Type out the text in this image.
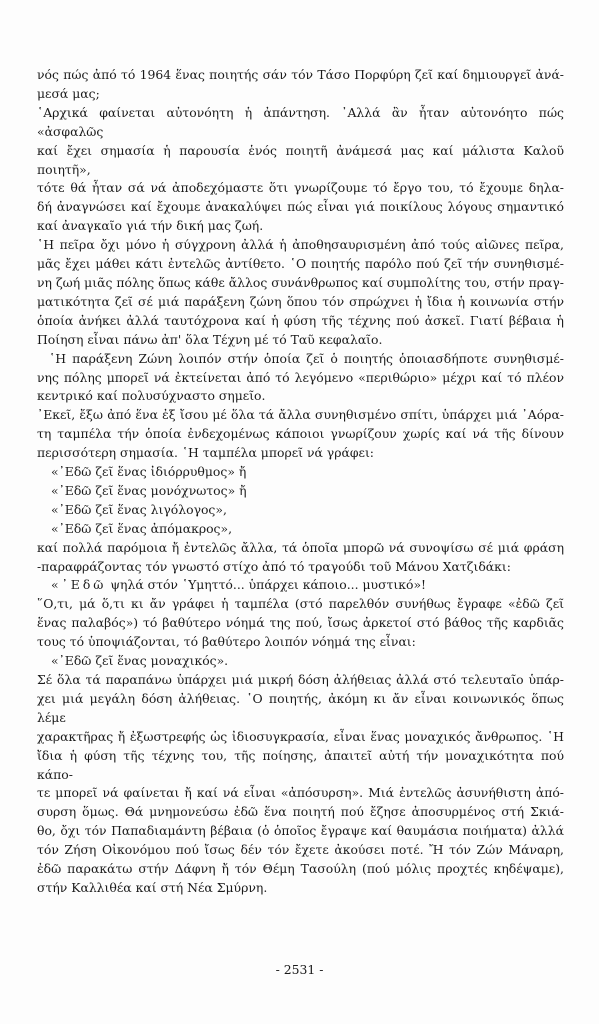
νός πώς ἀπό τό 1964 ἕνας ποιητής σάν τόν Τάσο Πορφύρη ζεῖ καί δημιουργεῖ ἀνά-
μεσά μας;
῾Αρχικά φαίνεται αὐτονόητη ἡ ἀπάντηση. ᾿Αλλά ἂν ἦταν αὐτονόητο πώς «ἀσφαλῶς
καί ἔχει σημασία ἡ παρουσία ἑνός ποιητῆ ἀνάμεσά μας καί μάλιστα Καλοῦ ποιητῆ»,
τότε θά ἦταν σά νά ἀποδεχόμαστε ὅτι γνωρίζουμε τό ἔργο του, τό ἔχουμε δηλα-
δή ἀναγνώσει καί ἔχουμε ἀνακαλύψει πώς εἶναι γιά ποικίλους λόγους σημαντικό
καί ἀναγκαῖο γιά τήν δική μας ζωή.
῾Η πεῖρα ὄχι μόνο ἡ σύγχρονη ἀλλά ἡ ἀποθησαυρισμένη ἀπό τούς αἰῶνες πεῖρα,
μᾶς ἔχει μάθει κάτι ἐντελῶς ἀντίθετο. ῾Ο ποιητής παρόλο πού ζεῖ τήν συνηθισμέ-
νη ζωή μιᾶς πόλης ὅπως κάθε ἄλλος συνάνθρωπος καί συμπολίτης του, στήν πραγ-
ματικότητα ζεῖ σέ μιά παράξενη ζώνη ὅπου τόν σπρώχνει ἡ ἴδια ἡ κοινωνία στήν
ὁποία ἀνήκει ἀλλά ταυτόχρονα καί ἡ φύση τῆς τέχνης πού ἀσκεῖ. Γιατί βέβαια ἡ
Ποίηση εἶναι πάνω ἀπ' ὅλα Τέχνη μέ τό Ταῦ κεφαλαῖο.
῾Η παράξενη Ζώνη λοιπόν στήν ὁποία ζεῖ ὁ ποιητής ὁποιασδήποτε συνηθισμέ-
νης πόλης μπορεῖ νά ἐκτείνεται ἀπό τό λεγόμενο «περιθώριο» μέχρι καί τό πλέον
κεντρικό καί πολυσύχναστο σημεῖο.
᾿Εκεῖ, ἔξω ἀπό ἕνα ἐξ ἴσου μέ ὅλα τά ἄλλα συνηθισμένο σπίτι, ὑπάρχει μιά ᾿Αόρα-
τη ταμπέλα τήν ὁποία ἐνδεχομένως κάποιοι γνωρίζουν χωρίς καί νά τῆς δίνουν
περισσότερη σημασία. ῾Η ταμπέλα μπορεῖ νά γράφει:
«᾿Εδῶ ζεῖ ἕνας ἰδιόρρυθμος» ἤ
«᾿Εδῶ ζεῖ ἕνας μονόχνωτος» ἤ
«᾿Εδῶ ζεῖ ἕνας λιγόλογος»,
«᾿Εδῶ ζεῖ ἕνας ἀπόμακρος»,
καί πολλά παρόμοια ἤ ἐντελῶς ἄλλα, τά ὁποῖα μπορῶ νά συνοψίσω σέ μιά φράση
-παραφράζοντας τόν γνωστό στίχο ἀπό τό τραγούδι τοῦ Μάνου Χατζιδάκι:
«᾿Εδῶ ψηλά στόν ῾Υμηττό... ὑπάρχει κάποιο... μυστικό»!
῞Ο,τι, μά ὅ,τι κι ἄν γράφει ἡ ταμπέλα (στό παρελθόν συνήθως ἔγραφε «ἐδῶ ζεῖ
ἕνας παλαβός») τό βαθύτερο νόημά της πού, ἴσως ἀρκετοί στό βάθος τῆς καρδιᾶς
τους τό ὑποψιάζονται, τό βαθύτερο λοιπόν νόημά της εἶναι:
«᾿Εδῶ ζεῖ ἕνας μοναχικός».
Σέ ὅλα τά παραπάνω ὑπάρχει μιά μικρή δόση ἀλήθειας ἀλλά στό τελευταῖο ὑπάρ-
χει μιά μεγάλη δόση ἀλήθειας. ῾Ο ποιητής, ἀκόμη κι ἄν εἶναι κοινωνικός ὅπως λέμε
χαρακτῆρας ἤ ἐξωστρεφής ὡς ἰδιοσυγκρασία, εἶναι ἕνας μοναχικός ἄνθρωπος. ῾Η
ἴδια ἡ φύση τῆς τέχνης του, τῆς ποίησης, ἀπαιτεῖ αὐτή τήν μοναχικότητα πού κάπο-
τε μπορεῖ νά φαίνεται ἤ καί νά εἶναι «ἀπόσυρση». Μιά ἐντελῶς ἀσυνήθιστη ἀπό-
συρση ὅμως. Θά μνημονεύσω ἐδῶ ἕνα ποιητή πού ἔζησε ἀποσυρμένος στή Σκιά-
θο, ὄχι τόν Παπαδιαμάντη βέβαια (ὁ ὁποῖος ἔγραψε καί θαυμάσια ποιήματα) ἀλλά
τόν Ζήση Οἰκονόμου πού ἴσως δέν τόν ἔχετε ἀκούσει ποτέ. Ἤ τόν Ζών Μάναρη,
ἐδῶ παρακάτω στήν Δάφνη ἤ τόν Θέμη Τασούλη (πού μόλις προχτές κηδέψαμε),
στήν Καλλιθέα καί στή Νέα Σμύρνη.
- 2531 -
